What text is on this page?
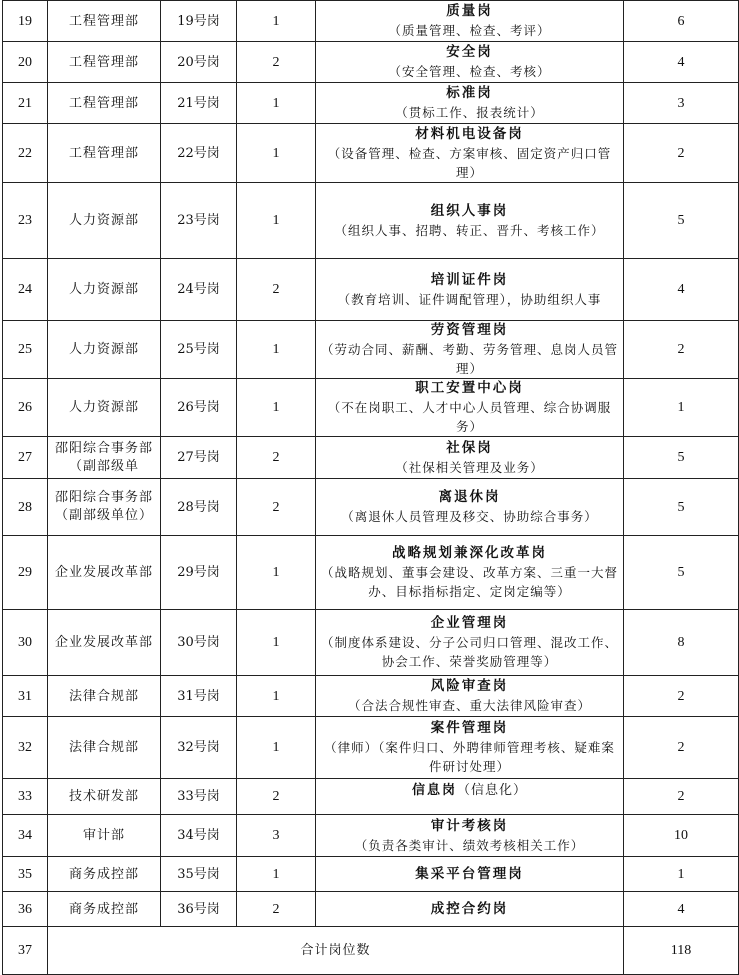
19	工程管理部	19号岗	1	质量岗
（质量管理、检查、考评）	6
20	工程管理部	20号岗	2	安全岗
（安全管理、检查、考核）	4
21	工程管理部	21号岗	1	标准岗
（贯标工作、报表统计）	3
22	工程管理部	22号岗	1	材料机电设备岗
（设备管理、检查、方案审核、固定资产归口管理）	2
23	人力资源部	23号岗	1	组织人事岗
（组织人事、招聘、转正、晋升、考核工作）	5
24	人力资源部	24号岗	2	培训证件岗
（教育培训、证件调配管理），协助组织人事	4
25	人力资源部	25号岗	1	劳资管理岗
（劳动合同、薪酬、考勤、劳务管理、息岗人员管理）	2
26	人力资源部	26号岗	1	职工安置中心岗
（不在岗职工、人才中心人员管理、综合协调服务）	1
27	邵阳综合事务部（副部级单	27号岗	2	社保岗
（社保相关管理及业务）	5
28	邵阳综合事务部（副部级单位）	28号岗	2	离退休岗
（离退休人员管理及移交、协助综合事务）	5
29	企业发展改革部	29号岗	1	战略规划兼深化改革岗
（战略规划、董事会建设、改革方案、三重一大督办、目标指标指定、定岗定编等）	5
30	企业发展改革部	30号岗	1	企业管理岗
（制度体系建设、分子公司归口管理、混改工作、协会工作、荣誉奖励管理等）	8
31	法律合规部	31号岗	1	风险审查岗
（合法合规性审查、重大法律风险审查）	2
32	法律合规部	32号岗	1	案件管理岗
（律师）（案件归口、外聘律师管理考核、疑难案件研讨处理）	2
33	技术研发部	33号岗	2	信息岗（信息化）	2
34	审计部	34号岗	3	审计考核岗
（负责各类审计、绩效考核相关工作）	10
35	商务成控部	35号岗	1	集采平台管理岗	1
36	商务成控部	36号岗	2	成控合约岗	4
37	合计岗位数				118
